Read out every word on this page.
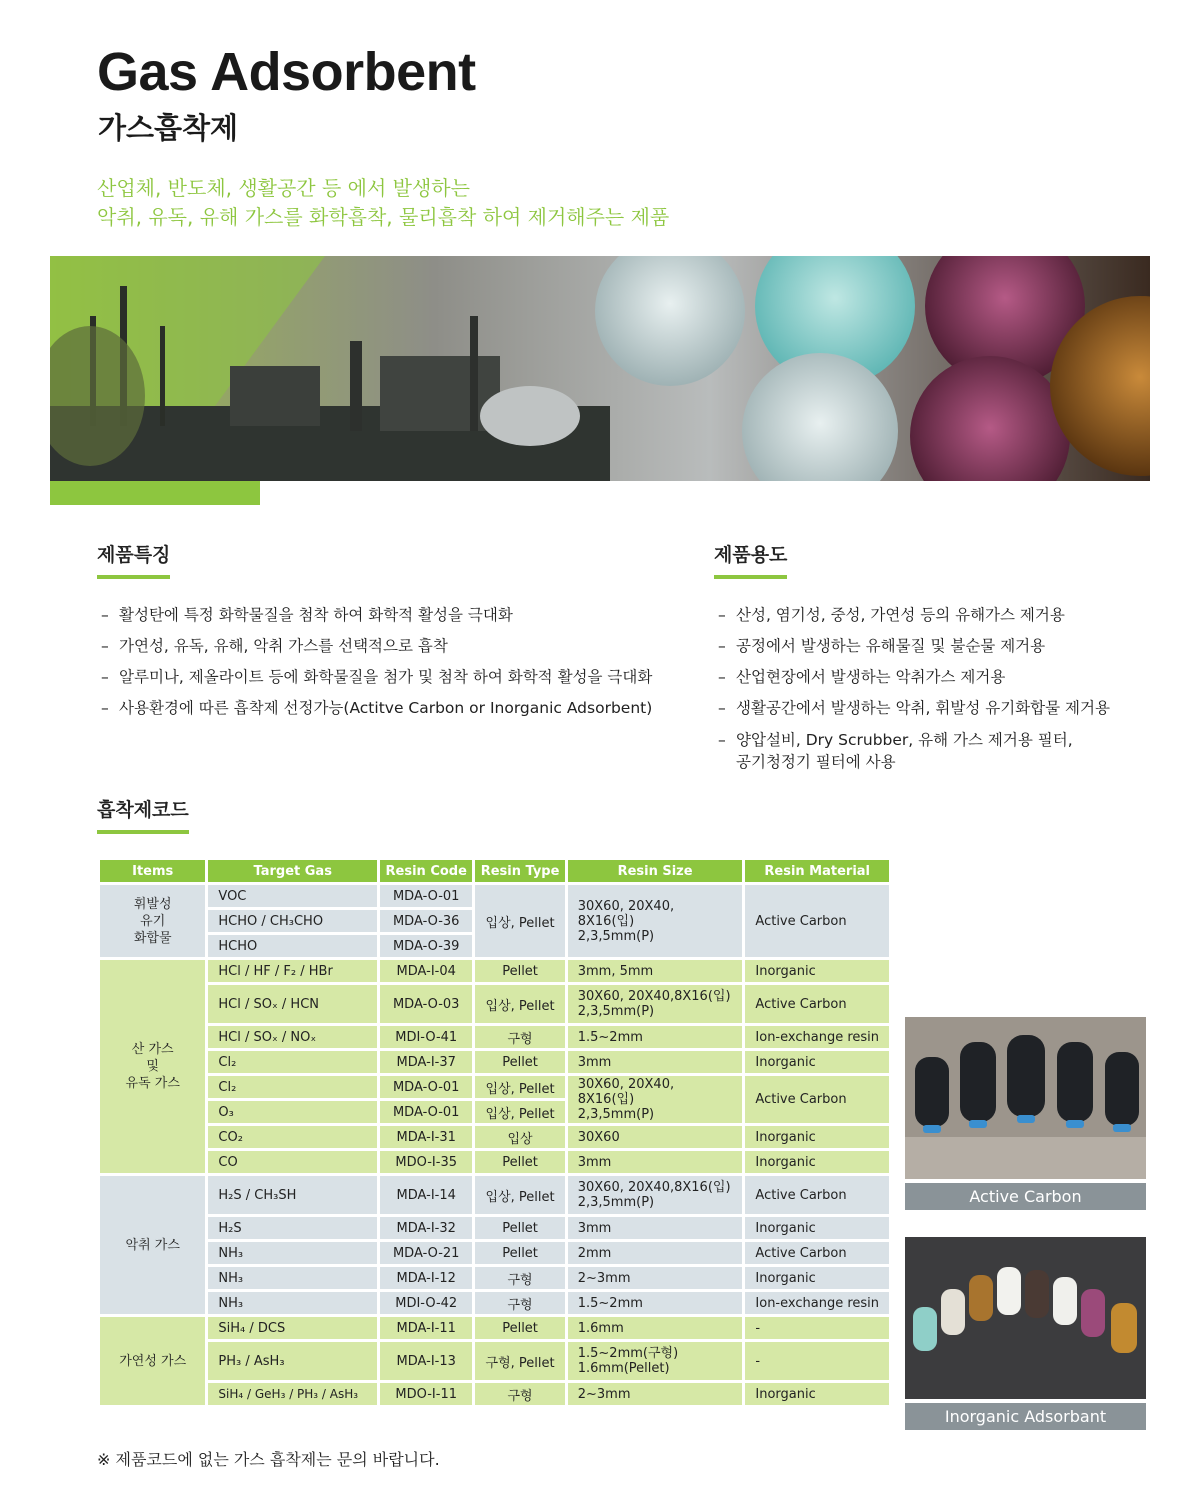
Gas Adsorbent
가스흡착제

산업체, 반도체, 생활공간 등 에서 발생하는
악취, 유독, 유해 가스를 화학흡착, 물리흡착 하여 제거해주는 제품

제품특징
– 활성탄에 특정 화학물질을 첨착 하여 화학적 활성을 극대화
– 가연성, 유독, 유해, 악취 가스를 선택적으로 흡착
– 알루미나, 제올라이트 등에 화학물질을 첨가 및 첨착 하여 화학적 활성을 극대화
– 사용환경에 따른 흡착제 선정가능(Actitve Carbon or Inorganic Adsorbent)
제품용도
– 산성, 염기성, 중성, 가연성 등의 유해가스 제거용
– 공정에서 발생하는 유해물질 및 불순물 제거용
– 산업현장에서 발생하는 악취가스 제거용
– 생활공간에서 발생하는 악취, 휘발성 유기화합물 제거용
– 양압설비, Dry Scrubber, 유해 가스 제거용 필터,
공기청정기 필터에 사용
흡착제코드
Items	Target Gas	Resin Code	Resin Type	Resin Size	Resin Material
휘발성
유기
화합물	VOC	MDA-O-01	입상, Pellet	30X60, 20X40, 8X16(입)
2,3,5mm(P)	Active Carbon
	HCHO / CH₃CHO	MDA-O-36			
	HCHO	MDA-O-39			
산 가스
및
유독 가스	HCl / HF / F₂ / HBr	MDA-I-04	Pellet	3mm, 5mm	Inorganic
	HCl / SOₓ / HCN	MDA-O-03	입상, Pellet	30X60, 20X40,8X16(입)
2,3,5mm(P)	Active Carbon
	HCl / SOₓ / NOₓ	MDI-O-41	구형	1.5~2mm	Ion-exchange resin
	Cl₂	MDA-I-37	Pellet	3mm	Inorganic
	Cl₂	MDA-O-01	입상, Pellet	30X60, 20X40, 8X16(입)
2,3,5mm(P)	Active Carbon
	O₃	MDA-O-01	입상, Pellet		
	CO₂	MDA-I-31	입상	30X60	Inorganic
	CO	MDO-I-35	Pellet	3mm	Inorganic
악취 가스	H₂S / CH₃SH	MDA-I-14	입상, Pellet	30X60, 20X40,8X16(입)
2,3,5mm(P)	Active Carbon
	H₂S	MDA-I-32	Pellet	3mm	Inorganic
	NH₃	MDA-O-21	Pellet	2mm	Active Carbon
	NH₃	MDA-I-12	구형	2~3mm	Inorganic
	NH₃	MDI-O-42	구형	1.5~2mm	Ion-exchange resin
가연성 가스	SiH₄ / DCS	MDA-I-11	Pellet	1.6mm	-
	PH₃ / AsH₃	MDA-I-13	구형, Pellet	1.5~2mm(구형)
1.6mm(Pellet)	-
	SiH₄ / GeH₃ / PH₃ / AsH₃	MDO-I-11	구형	2~3mm	Inorganic
Active Carbon
Inorganic Adsorbant

※ 제품코드에 없는 가스 흡착제는 문의 바랍니다.
